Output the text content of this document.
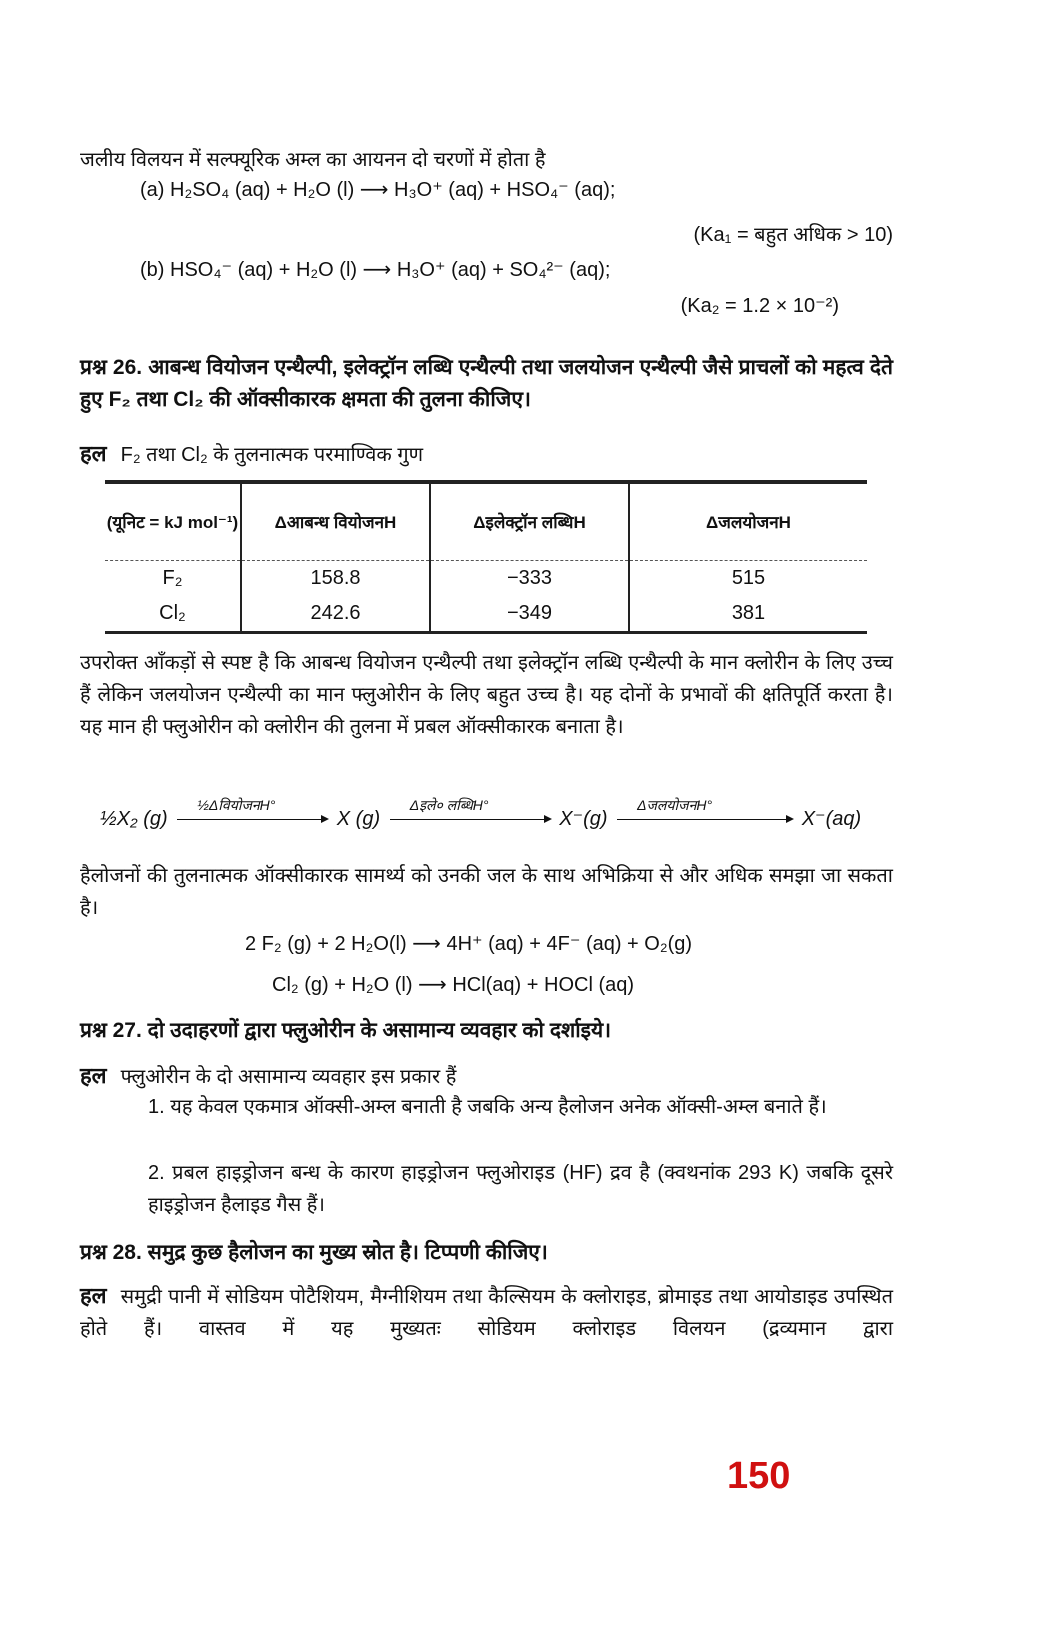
जलीय विलयन में सल्फ्यूरिक अम्ल का आयनन दो चरणों में होता है
(a) H₂SO₄ (aq) + H₂O (l) ⟶ H₃O⁺ (aq) + HSO₄⁻ (aq);
(Ka₁ = बहुत अधिक > 10)
(b) HSO₄⁻ (aq) + H₂O (l) ⟶ H₃O⁺ (aq) + SO₄²⁻ (aq);
(Ka₂ = 1.2 × 10⁻²)
प्रश्न 26. आबन्ध वियोजन एन्थैल्पी, इलेक्ट्रॉन लब्धि एन्थैल्पी तथा जलयोजन एन्थैल्पी जैसे प्राचलों को महत्व देते हुए F₂ तथा Cl₂ की ऑक्सीकारक क्षमता की तुलना कीजिए।
हल F₂ तथा Cl₂ के तुलनात्मक परमाण्विक गुण
(यूनिट = kJ mol⁻¹)	Δआबन्ध वियोजनH	Δइलेक्ट्रॉन लब्धिH	ΔजलयोजनH
F₂	158.8	−333	515
Cl₂	242.6	−349	381
उपरोक्त आँकड़ों से स्पष्ट है कि आबन्ध वियोजन एन्थैल्पी तथा इलेक्ट्रॉन लब्धि एन्थैल्पी के मान क्लोरीन के लिए उच्च हैं लेकिन जलयोजन एन्थैल्पी का मान फ्लुओरीन के लिए बहुत उच्च है। यह दोनों के प्रभावों की क्षतिपूर्ति करता है। यह मान ही फ्लुओरीन को क्लोरीन की तुलना में प्रबल ऑक्सीकारक बनाता है।
½X₂ (g)
½ΔवियोजनH°
X (g)
Δइले० लब्धिH°
X⁻(g)
ΔजलयोजनH°
X⁻(aq)
हैलोजनों की तुलनात्मक ऑक्सीकारक सामर्थ्य को उनकी जल के साथ अभिक्रिया से और अधिक समझा जा सकता है।
2 F₂ (g) + 2 H₂O(l) ⟶ 4H⁺ (aq) + 4F⁻ (aq) + O₂(g)
Cl₂ (g) + H₂O (l) ⟶ HCl(aq) + HOCl (aq)
प्रश्न 27. दो उदाहरणों द्वारा फ्लुओरीन के असामान्य व्यवहार को दर्शाइये।
हल फ्लुओरीन के दो असामान्य व्यवहार इस प्रकार हैं
1. यह केवल एकमात्र ऑक्सी-अम्ल बनाती है जबकि अन्य हैलोजन अनेक ऑक्सी-अम्ल बनाते हैं।
2. प्रबल हाइड्रोजन बन्ध के कारण हाइड्रोजन फ्लुओराइड (HF) द्रव है (क्वथनांक 293 K) जबकि दूसरे हाइड्रोजन हैलाइड गैस हैं।
प्रश्न 28. समुद्र कुछ हैलोजन का मुख्य स्रोत है। टिप्पणी कीजिए।
हल समुद्री पानी में सोडियम पोटैशियम, मैग्नीशियम तथा कैल्सियम के क्लोराइड, ब्रोमाइड तथा आयोडाइड उपस्थित होते हैं। वास्तव में यह मुख्यतः सोडियम क्लोराइड विलयन (द्रव्यमान द्वारा
150
